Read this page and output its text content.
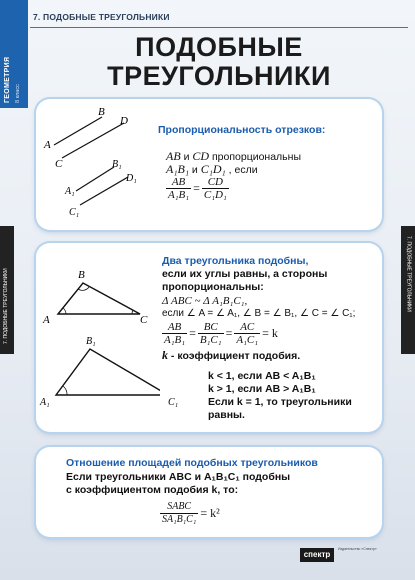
ГЕОМЕТРИЯ 8 класс
7. ПОДОБНЫЕ ТРЕУГОЛЬНИКИ
7. ПОДОБНЫЕ ТРЕУГОЛЬНИКИ	7. ПОДОБНЫЕ ТРЕУГОЛЬНИКИ
ПОДОБНЫЕ
ТРЕУГОЛЬНИКИ
A
B
C
D
A₁
B₁
C₁
D₁
Пропорциональность отрезков:
AB и CD пропорциональны
A₁B₁ и C₁D₁ , если
$\frac{AB}{\text{A₁B₁}} = \frac{CD}{\text{C₁D₁}}$
A
B
C
A₁
B₁
C₁
Два треугольника подобны,
если их углы равны, а стороны
пропорциональны:
Δ ABC ~ Δ A₁B₁C₁,
если ∠ A = ∠ A₁, ∠ B = ∠ B₁, ∠ C = ∠ C₁;
$\frac{AB}{\text{A₁B₁}} = \frac{BC}{\text{B₁C₁}} = \frac{AC}{\text{A₁C₁}} = k$
k - коэффициент подобия.
k < 1, если AB < A₁B₁
k > 1, если AB > A₁B₁
Если k = 1, то треугольники
равны.
Отношение площадей подобных треугольников
Если треугольники ABC и A₁B₁C₁ подобны
с коэффициентом подобия k, то:
$\frac{\text{SABC}}{\text{SA₁B₁C₁}} = k^2$
спектр
Издательство «Спектр»
